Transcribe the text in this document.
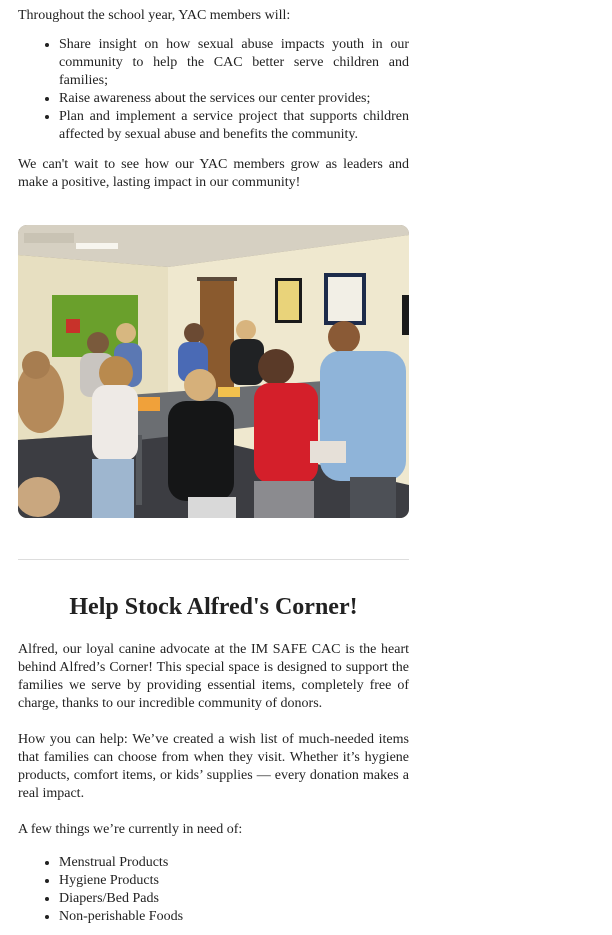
Throughout the school year, YAC members will:

• Share insight on how sexual abuse impacts youth in our community to help the CAC better serve children and families;
• Raise awareness about the services our center provides;
• Plan and implement a service project that supports children affected by sexual abuse and benefits the community.

We can't wait to see how our YAC members grow as leaders and make a positive, lasting impact in our community!

Help Stock Alfred's Corner!

Alfred, our loyal canine advocate at the IM SAFE CAC is the heart behind Alfred’s Corner! This special space is designed to support the families we serve by providing essential items, completely free of charge, thanks to our incredible community of donors.

How you can help: We’ve created a wish list of much-needed items that families can choose from when they visit. Whether it’s hygiene products, comfort items, or kids’ supplies — every donation makes a real impact.

A few things we’re currently in need of:

• Menstrual Products
• Hygiene Products
• Diapers/Bed Pads
• Non-perishable Foods
